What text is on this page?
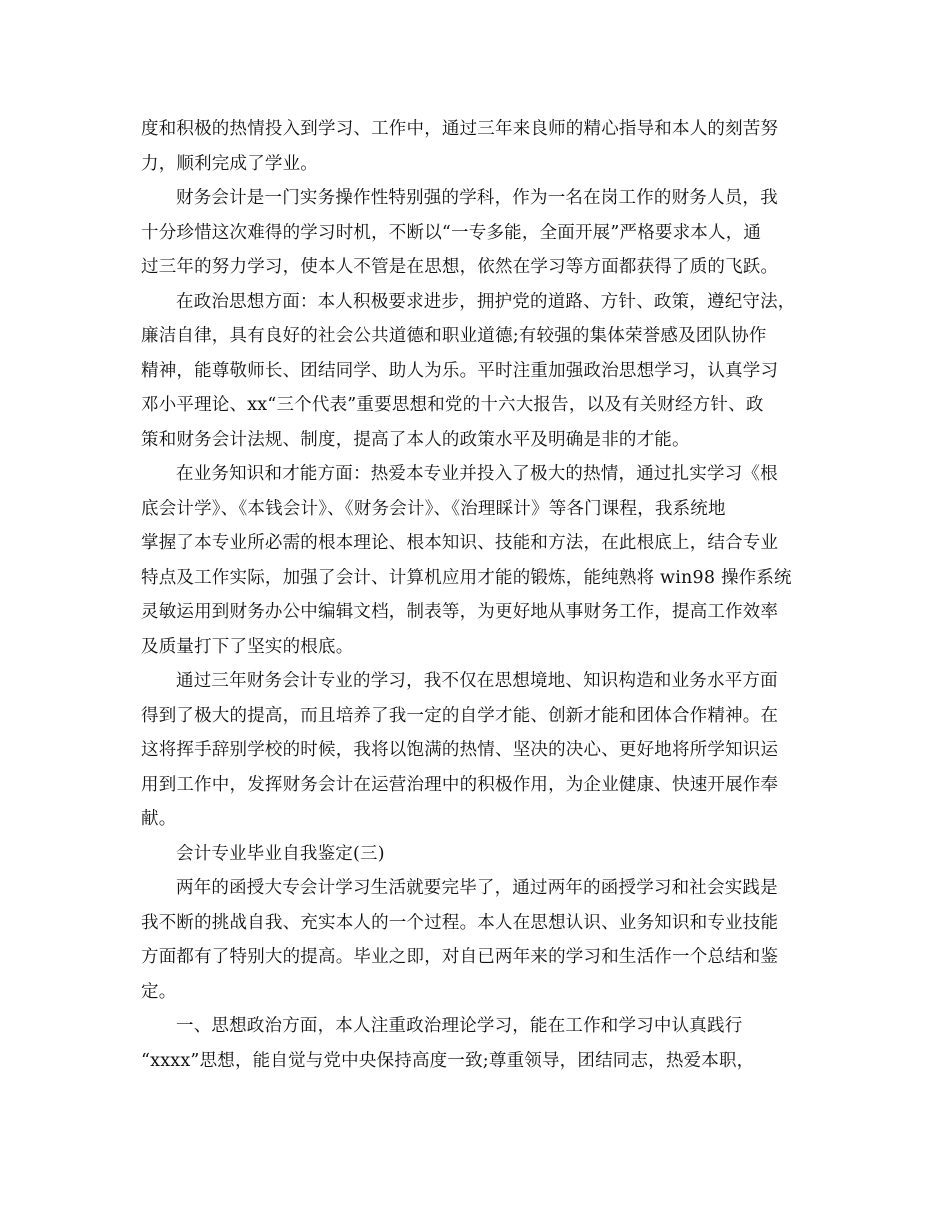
度和积极的热情投入到学习、工作中，通过三年来良师的精心指导和本人的刻苦努
力，顺利完成了学业。
财务会计是一门实务操作性特别强的学科，作为一名在岗工作的财务人员，我
十分珍惜这次难得的学习时机，不断以“一专多能，全面开展”严格要求本人，通
过三年的努力学习，使本人不管是在思想，依然在学习等方面都获得了质的飞跃。
在政治思想方面：本人积极要求进步，拥护党的道路、方针、政策，遵纪守法，
廉洁自律，具有良好的社会公共道德和职业道德;有较强的集体荣誉感及团队协作
精神，能尊敬师长、团结同学、助人为乐。平时注重加强政治思想学习，认真学习
邓小平理论、xx“三个代表”重要思想和党的十六大报告，以及有关财经方针、政
策和财务会计法规、制度，提高了本人的政策水平及明确是非的才能。
在业务知识和才能方面：热爱本专业并投入了极大的热情，通过扎实学习《根
底会计学》、《本钱会计》、《财务会计》、《治理睬计》等各门课程，我系统地
掌握了本专业所必需的根本理论、根本知识、技能和方法，在此根底上，结合专业
特点及工作实际，加强了会计、计算机应用才能的锻炼，能纯熟将 win98 操作系统
灵敏运用到财务办公中编辑文档，制表等，为更好地从事财务工作，提高工作效率
及质量打下了坚实的根底。
通过三年财务会计专业的学习，我不仅在思想境地、知识构造和业务水平方面
得到了极大的提高，而且培养了我一定的自学才能、创新才能和团体合作精神。在
这将挥手辞别学校的时候，我将以饱满的热情、坚决的决心、更好地将所学知识运
用到工作中，发挥财务会计在运营治理中的积极作用，为企业健康、快速开展作奉
献。
会计专业毕业自我鉴定(三)
两年的函授大专会计学习生活就要完毕了，通过两年的函授学习和社会实践是
我不断的挑战自我、充实本人的一个过程。本人在思想认识、业务知识和专业技能
方面都有了特别大的提高。毕业之即，对自已两年来的学习和生活作一个总结和鉴
定。
一、思想政治方面，本人注重政治理论学习，能在工作和学习中认真践行
“xxxx”思想，能自觉与党中央保持高度一致;尊重领导，团结同志，热爱本职，
